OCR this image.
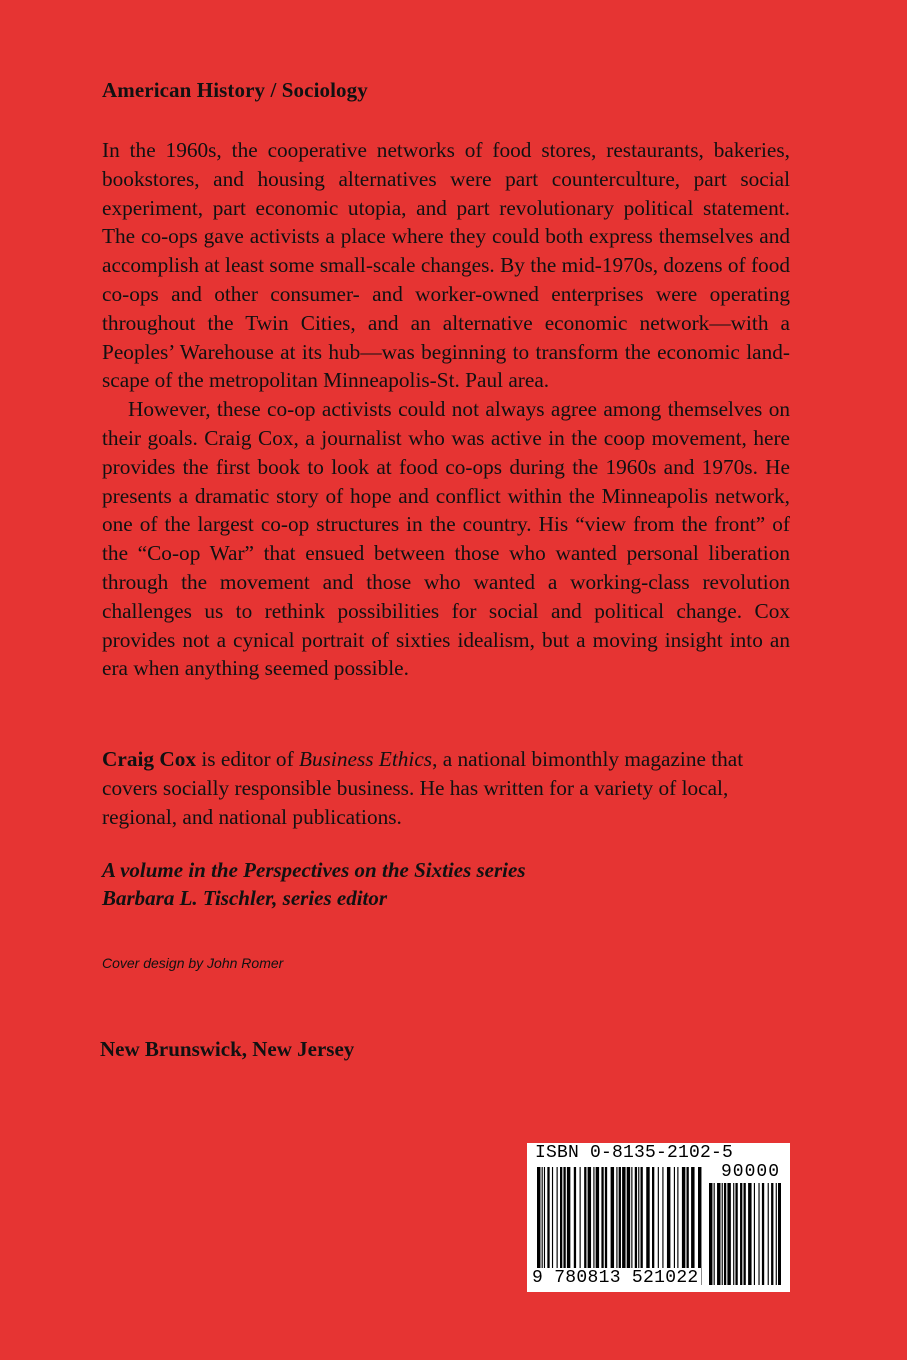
American History / Sociology

In the 1960s, the cooperative networks of food stores, restaurants, bakeries, bookstores, and housing alternatives were part counterculture, part social experiment, part economic utopia, and part revolutionary political statement. The co-ops gave activists a place where they could both express themselves and accomplish at least some small-scale changes. By the mid-1970s, dozens of food co-ops and other consumer- and worker-owned enterprises were operating throughout the Twin Cities, and an alternative economic network—with a Peoples’ Warehouse at its hub—was beginning to transform the economic landscape of the metropolitan Minneapolis-St. Paul area.

However, these co-op activists could not always agree among themselves on their goals. Craig Cox, a journalist who was active in the coop movement, here provides the first book to look at food co-ops during the 1960s and 1970s. He presents a dramatic story of hope and conflict within the Minneapolis network, one of the largest co-op structures in the country. His “view from the front” of the “Co-op War” that ensued between those who wanted personal liberation through the movement and those who wanted a working-class revolution challenges us to rethink possibilities for social and political change. Cox provides not a cynical portrait of sixties idealism, but a moving insight into an era when anything seemed possible.

Craig Cox is editor of Business Ethics, a national bimonthly magazine that covers socially responsible business. He has written for a variety of local, regional, and national publications.

A volume in the Perspectives on the Sixties series
Barbara L. Tischler, series editor
Cover design by John Romer
New Brunswick, New Jersey
ISBN 0-8135-2102-5
90000
9 780813 521022
